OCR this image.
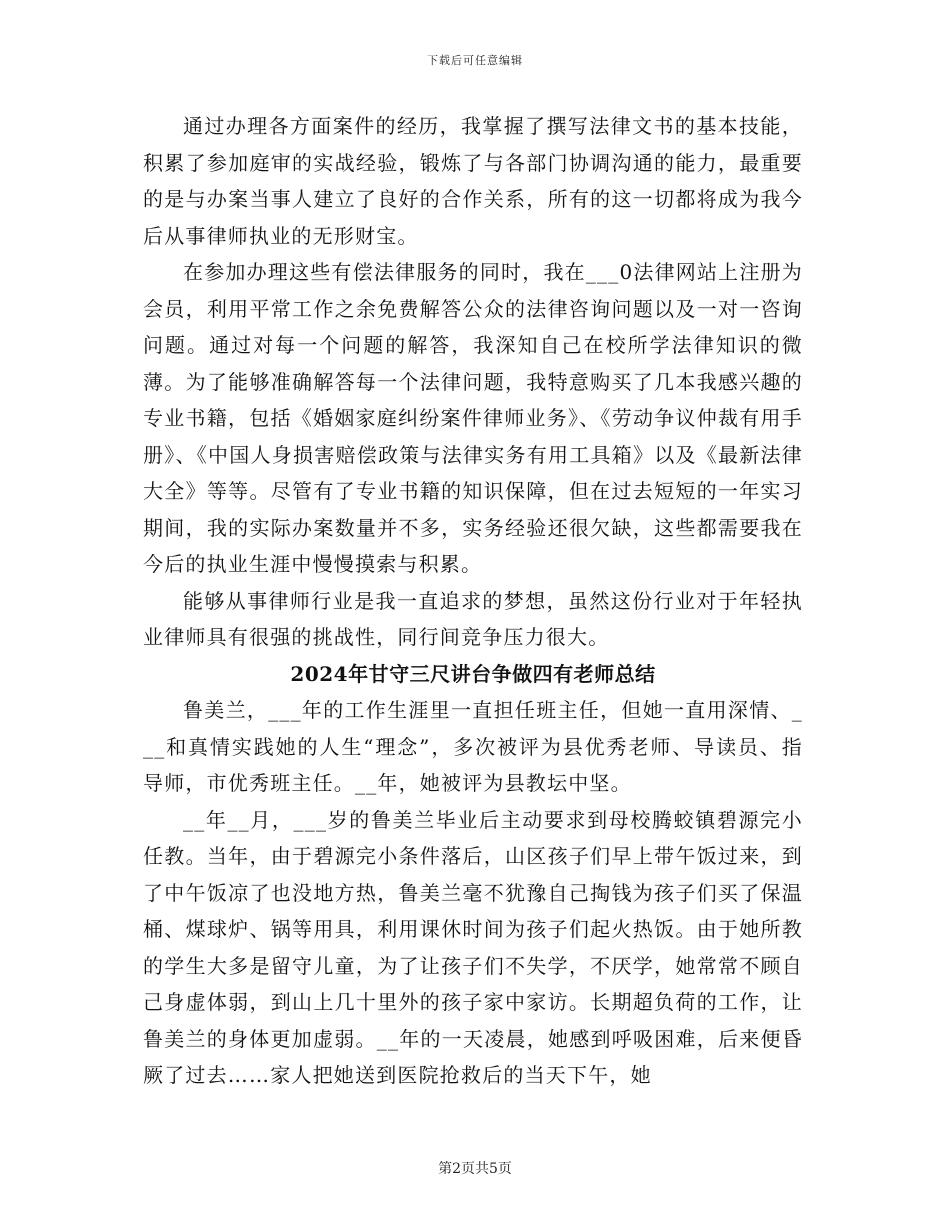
下载后可任意编辑

通过办理各方面案件的经历，我掌握了撰写法律文书的基本技能，积累了参加庭审的实战经验，锻炼了与各部门协调沟通的能力，最重要的是与办案当事人建立了良好的合作关系，所有的这一切都将成为我今后从事律师执业的无形财宝。

在参加办理这些有偿法律服务的同时，我在___0法律网站上注册为会员，利用平常工作之余免费解答公众的法律咨询问题以及一对一咨询问题。通过对每一个问题的解答，我深知自己在校所学法律知识的微薄。为了能够准确解答每一个法律问题，我特意购买了几本我感兴趣的专业书籍，包括《婚姻家庭纠纷案件律师业务》、《劳动争议仲裁有用手册》、《中国人身损害赔偿政策与法律实务有用工具箱》以及《最新法律大全》等等。尽管有了专业书籍的知识保障，但在过去短短的一年实习期间，我的实际办案数量并不多，实务经验还很欠缺，这些都需要我在今后的执业生涯中慢慢摸索与积累。

能够从事律师行业是我一直追求的梦想，虽然这份行业对于年轻执业律师具有很强的挑战性，同行间竞争压力很大。

2024年甘守三尺讲台争做四有老师总结

鲁美兰，___年的工作生涯里一直担任班主任，但她一直用深情、___和真情实践她的人生“理念”，多次被评为县优秀老师、导读员、指导师，市优秀班主任。__年，她被评为县教坛中坚。

__年__月，___岁的鲁美兰毕业后主动要求到母校腾蛟镇碧源完小任教。当年，由于碧源完小条件落后，山区孩子们早上带午饭过来，到了中午饭凉了也没地方热，鲁美兰毫不犹豫自己掏钱为孩子们买了保温桶、煤球炉、锅等用具，利用课休时间为孩子们起火热饭。由于她所教的学生大多是留守儿童，为了让孩子们不失学，不厌学，她常常不顾自己身虚体弱，到山上几十里外的孩子家中家访。长期超负荷的工作，让鲁美兰的身体更加虚弱。__年的一天凌晨，她感到呼吸困难，后来便昏厥了过去……家人把她送到医院抢救后的当天下午，她

第2页共5页
